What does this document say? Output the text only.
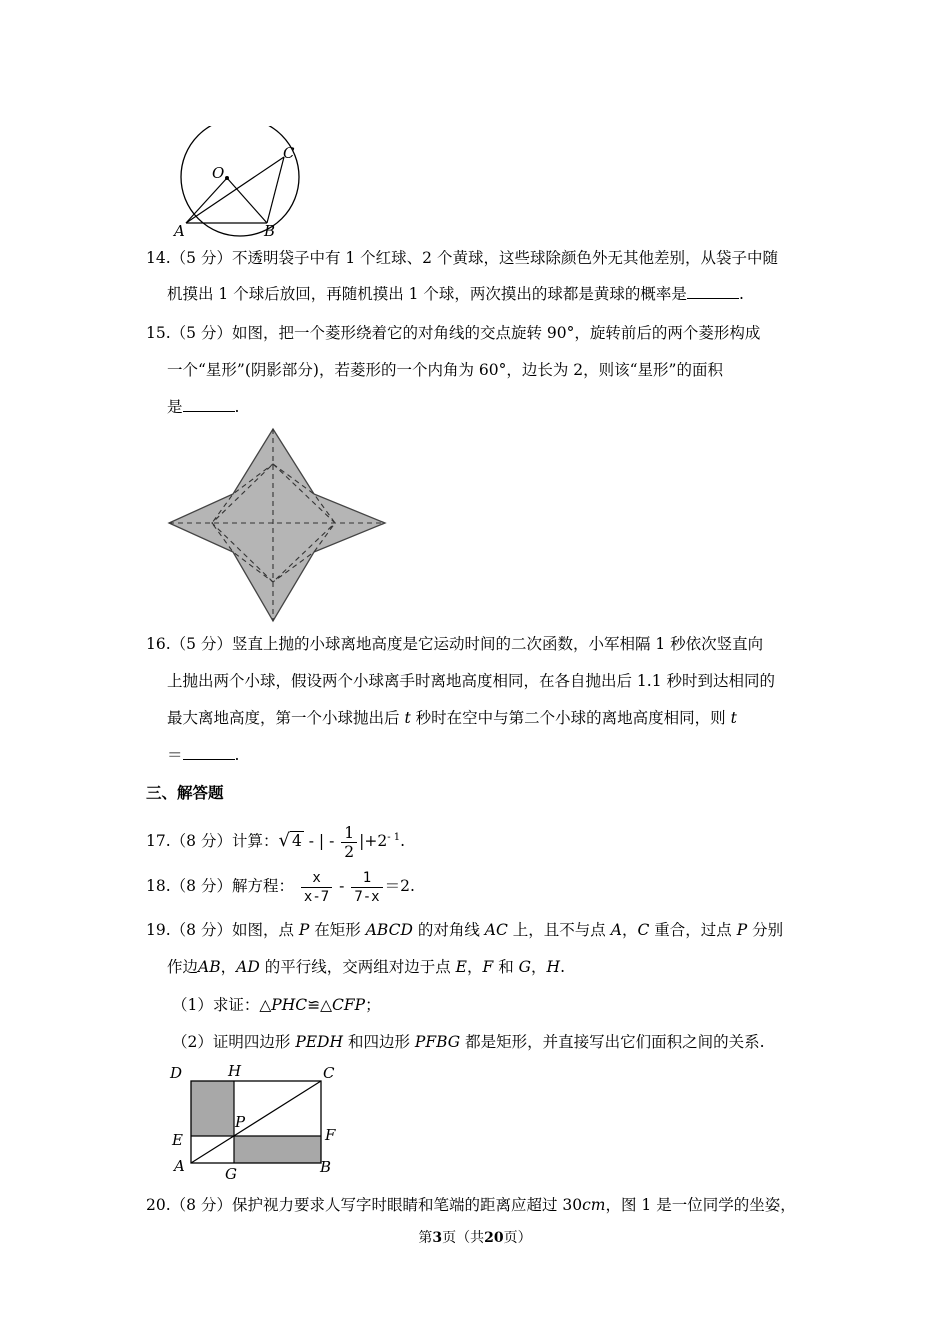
O
C
A	B
14.（5 分）不透明袋子中有 1 个红球、2 个黄球，这些球除颜色外无其他差别，从袋子中随
机摸出 1 个球后放回，再随机摸出 1 个球，两次摸出的球都是黄球的概率是	.
15.（5 分）如图，把一个菱形绕着它的对角线的交点旋转 90°，旋转前后的两个菱形构成
一个“星形”(阴影部分)，若菱形的一个内角为 60°，边长为 2，则该“星形”的面积
是	.
16.（5 分）竖直上抛的小球离地高度是它运动时间的二次函数，小军相隔 1 秒依次竖直向
上抛出两个小球，假设两个小球离手时离地高度相同，在各自抛出后 1.1 秒时到达相同的
最大离地高度，第一个小球抛出后 t 秒时在空中与第二个小球的离地高度相同，则 t
＝	.
三、解答题
17.（8 分）计算：√ 4 - | - $\frac{1}{2} |+2^{- 1}$.
18.（8 分）解方程： $\frac{x}{x-7} - \frac{1}{7-x} =2$.
19.（8 分）如图，点 P 在矩形 ABCD 的对角线 AC 上，且不与点 A，C 重合，过点 P 分别
作边AB，AD 的平行线，交两组对边于点 E，F 和 G，H.
（1）求证：△PHC≌△CFP；
（2）证明四边形 PEDH 和四边形 PFBG 都是矩形，并直接写出它们面积之间的关系.
D	H	C
E
P
F
A	G	B
20.（8 分）保护视力要求人写字时眼睛和笔端的距离应超过 30cm，图 1 是一位同学的坐姿，
第3页（共20页）
